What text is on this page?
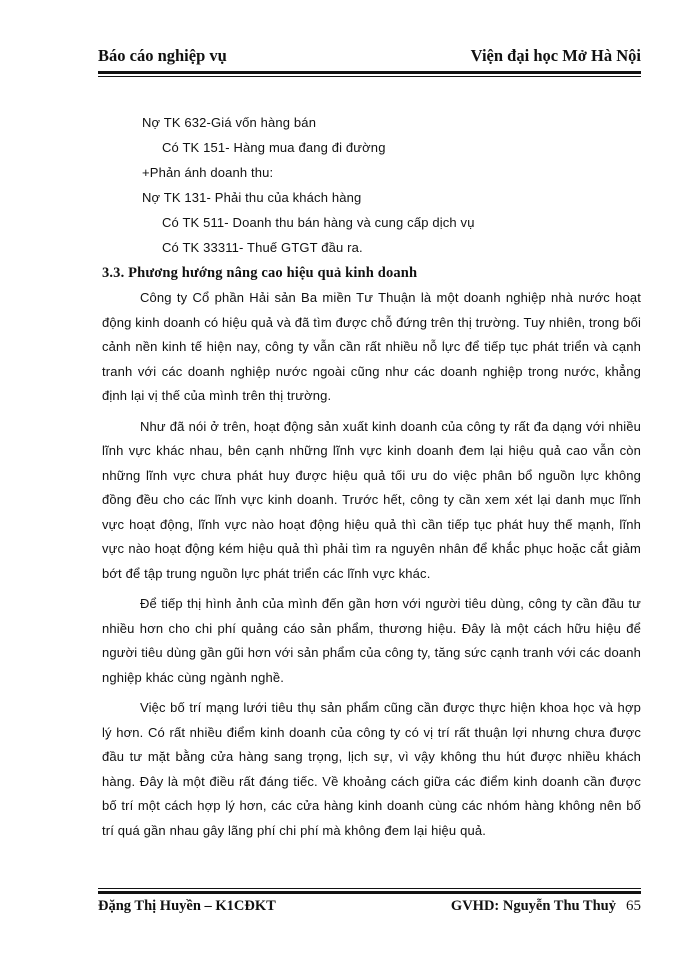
Báo cáo nghiệp vụ	Viện đại học Mở Hà Nội
Nợ TK 632-Giá vốn hàng bán
Có TK 151- Hàng mua đang đi đường
+Phản ánh doanh thu:
Nợ TK 131- Phải thu của khách hàng
Có TK 511- Doanh thu bán hàng và cung cấp dịch vụ
Có TK 33311- Thuế GTGT đầu ra.
3.3. Phương hướng nâng cao hiệu quả kinh doanh

Công ty Cổ phần Hải sản Ba miền Tư Thuận là một doanh nghiệp nhà nước hoạt động kinh doanh có hiệu quả và đã tìm được chỗ đứng trên thị trường. Tuy nhiên, trong bối cảnh nền kinh tế hiện nay, công ty vẫn cần rất nhiều nỗ lực để tiếp tục phát triển và cạnh tranh với các doanh nghiệp nước ngoài cũng như các doanh nghiệp trong nước, khẳng định lại vị thế của mình trên thị trường.

Như đã nói ở trên, hoạt động sản xuất kinh doanh của công ty rất đa dạng với nhiều lĩnh vực khác nhau, bên cạnh những lĩnh vực kinh doanh đem lại hiệu quả cao vẫn còn những lĩnh vực chưa phát huy được hiệu quả tối ưu do việc phân bổ nguồn lực không đồng đều cho các lĩnh vực kinh doanh. Trước hết, công ty cần xem xét lại danh mục lĩnh vực hoạt động, lĩnh vực nào hoạt động hiệu quả thì cần tiếp tục phát huy thế mạnh, lĩnh vực nào hoạt động kém hiệu quả thì phải tìm ra nguyên nhân để khắc phục hoặc cắt giảm bớt để tập trung nguồn lực phát triển các lĩnh vực khác.

Để tiếp thị hình ảnh của mình đến gần hơn với người tiêu dùng, công ty cần đầu tư nhiều hơn cho chi phí quảng cáo sản phẩm, thương hiệu. Đây là một cách hữu hiệu để người tiêu dùng gần gũi hơn với sản phẩm của công ty, tăng sức cạnh tranh với các doanh nghiệp khác cùng ngành nghề.

Việc bố trí mạng lưới tiêu thụ sản phẩm cũng cần được thực hiện khoa học và hợp lý hơn. Có rất nhiều điểm kinh doanh của công ty có vị trí rất thuận lợi nhưng chưa được đầu tư mặt bằng cửa hàng sang trọng, lịch sự, vì vậy không thu hút được nhiều khách hàng. Đây là một điều rất đáng tiếc. Về khoảng cách giữa các điểm kinh doanh cần được bố trí một cách hợp lý hơn, các cửa hàng kinh doanh cùng các nhóm hàng không nên bố trí quá gần nhau gây lãng phí chi phí mà không đem lại hiệu quả.

Đặng Thị Huyền – K1CĐKT	GVHD: Nguyễn Thu Thuỷ 65
